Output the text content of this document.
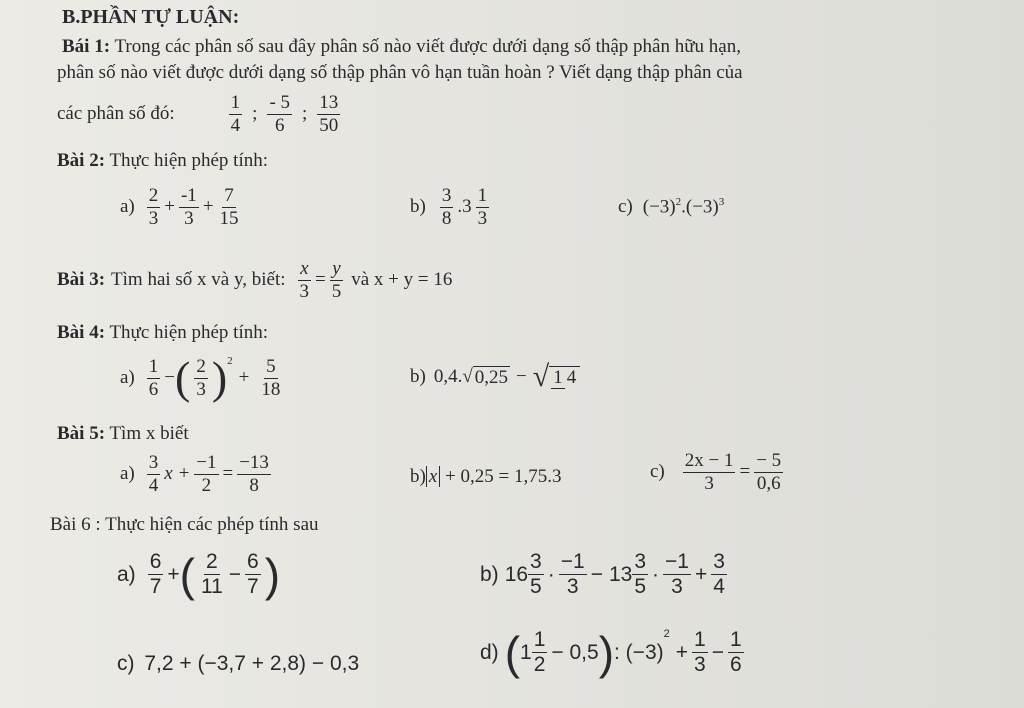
B.PHẦN TỰ LUẬN:
Bái 1: Trong các phân số sau đây phân số nào viết được dưới dạng số thập phân hữu hạn,
phân số nào viết được dưới dạng số thập phân vô hạn tuần hoàn ? Viết dạng thập phân của
các phân số đó:	$\frac{1}{4}$ ; $\frac{- 5}{6}$ ; $\frac{13}{50}$
Bài 2: Thực hiện phép tính:
$a) \frac{2}{3} + \frac{-1}{3} + \frac{7}{15}$	$b) \frac{3}{8} .3 \frac{1}{3}$	c) $(-3)^2.(-3)^3$
Bài 3: Tìm hai số x và y, biết: $\frac{x}{3} = \frac{y}{5}$ và x + y = 16
Bài 4: Thực hiện phép tính:
$a) \frac{1}{6}$ − ( $\frac{2}{3}$ ) 2
+ $\frac{5}{18}$	b) 0,4. √ 0,25 − √ 1 4
Bài 5: Tìm x biết
$a) \frac{3}{4}$ $x + \frac{-1}{2} = \frac{-13}{8}$	b) x + 0,25 = 1,75.3	$c) \frac{2x - 1}{3} = \frac{- 5}{0,6}$
Bài 6 : Thực hiện các phép tính sau
$a) \frac{6}{7}$ + ( $\frac{2}{11} - \frac{6}{7}$ )	b) $16 \frac{3}{5} \cdot \frac{-1}{3} - 13 \frac{3}{5} \cdot \frac{-1}{3} + \frac{3}{4}$
c) 7,2 + (−3,7 + 2,8) − 0,3	d) ( $1 \frac{1}{2} - 0,5$ ) : (−3)
2
+ $\frac{1}{3} - \frac{1}{6}$
